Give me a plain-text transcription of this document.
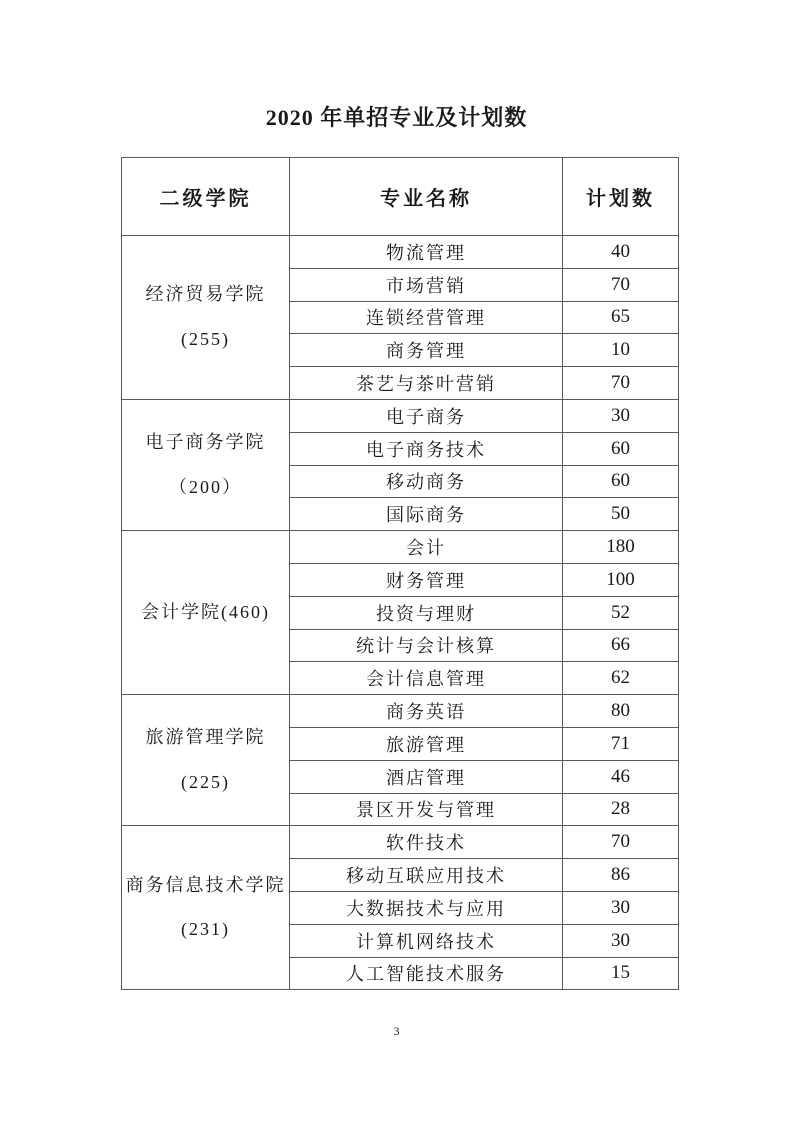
2020 年单招专业及计划数
二级学院	专业名称	计划数

经济贸易学院
(255)	物流管理	40
	市场营销	70
	连锁经营管理	65
	商务管理	10
	茶艺与茶叶营销	70

电子商务学院
（200）	电子商务	30
	电子商务技术	60
	移动商务	60
	国际商务	50

会计学院(460)	会计	180
	财务管理	100
	投资与理财	52
	统计与会计核算	66
	会计信息管理	62

旅游管理学院
(225)	商务英语	80
	旅游管理	71
	酒店管理	46
	景区开发与管理	28

商务信息技术学院
(231)	软件技术	70
	移动互联应用技术	86
	大数据技术与应用	30
	计算机网络技术	30
	人工智能技术服务	15
3
